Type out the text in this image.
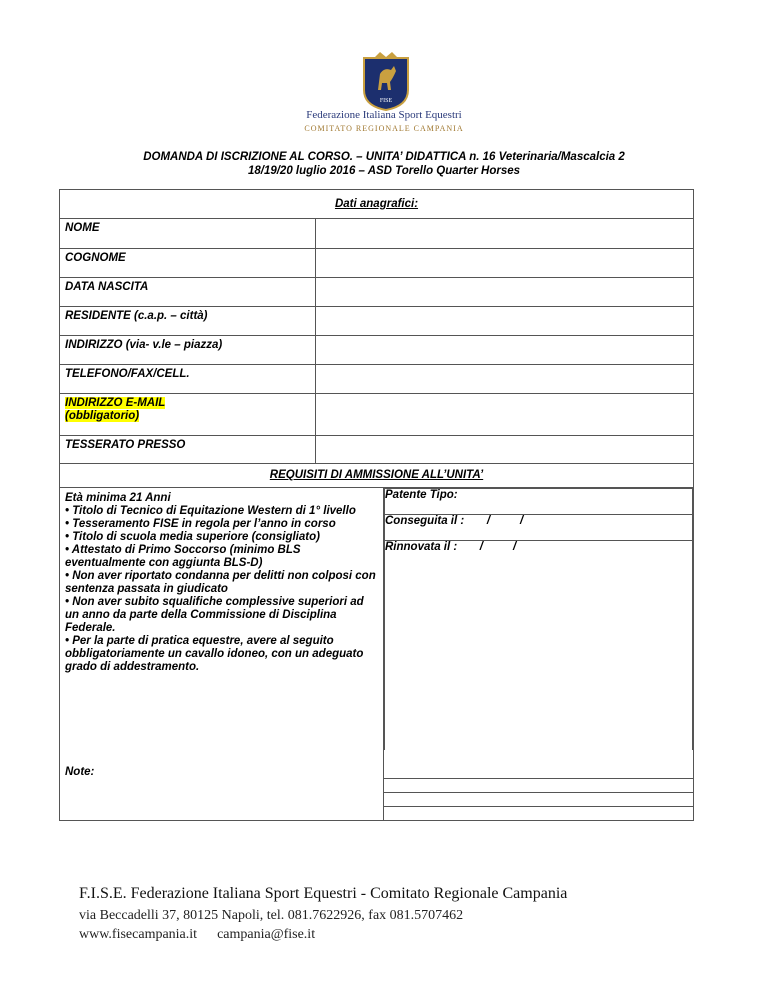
FISE
Federazione Italiana Sport Equestri
COMITATO REGIONALE CAMPANIA
DOMANDA DI ISCRIZIONE AL CORSO. – UNITA’ DIDATTICA n. 16 Veterinaria/Mascalcia 2
18/19/20 luglio 2016 – ASD Torello Quarter Horses
Dati anagrafici:
NOME	
COGNOME	
DATA NASCITA	
RESIDENTE (c.a.p. – città)	
INDIRIZZO (via- v.le – piazza)	
TELEFONO/FAX/CELL.	
INDIRIZZO E-MAIL
(obbligatorio)	
TESSERATO PRESSO	
REQUISITI DI AMMISSIONE ALL’UNITA’

Età minima 21 Anni
• Titolo di Tecnico di Equitazione Western di 1° livello
• Tesseramento FISE in regola per l’anno in corso
• Titolo di scuola media superiore (consigliato)
• Attestato di Primo Soccorso (minimo BLS eventualmente con aggiunta BLS-D)
• Non aver riportato condanna per delitti non colposi con sentenza passata in giudicato
• Non aver subito squalifiche complessive superiori ad un anno da parte della Commissione di Disciplina Federale.
• Per la parte di pratica equestre, avere al seguito obbligatoriamente un cavallo idoneo, con un adeguato grado di addestramento.

Patente Tipo:
Conseguita il : /	/
Rinnovata il : /	/

Note:	
F.I.S.E. Federazione Italiana Sport Equestri - Comitato Regionale Campania
via Beccadelli 37, 80125 Napoli, tel. 081.7622926, fax 081.5707462
www.fisecampania.it campania@fise.it
